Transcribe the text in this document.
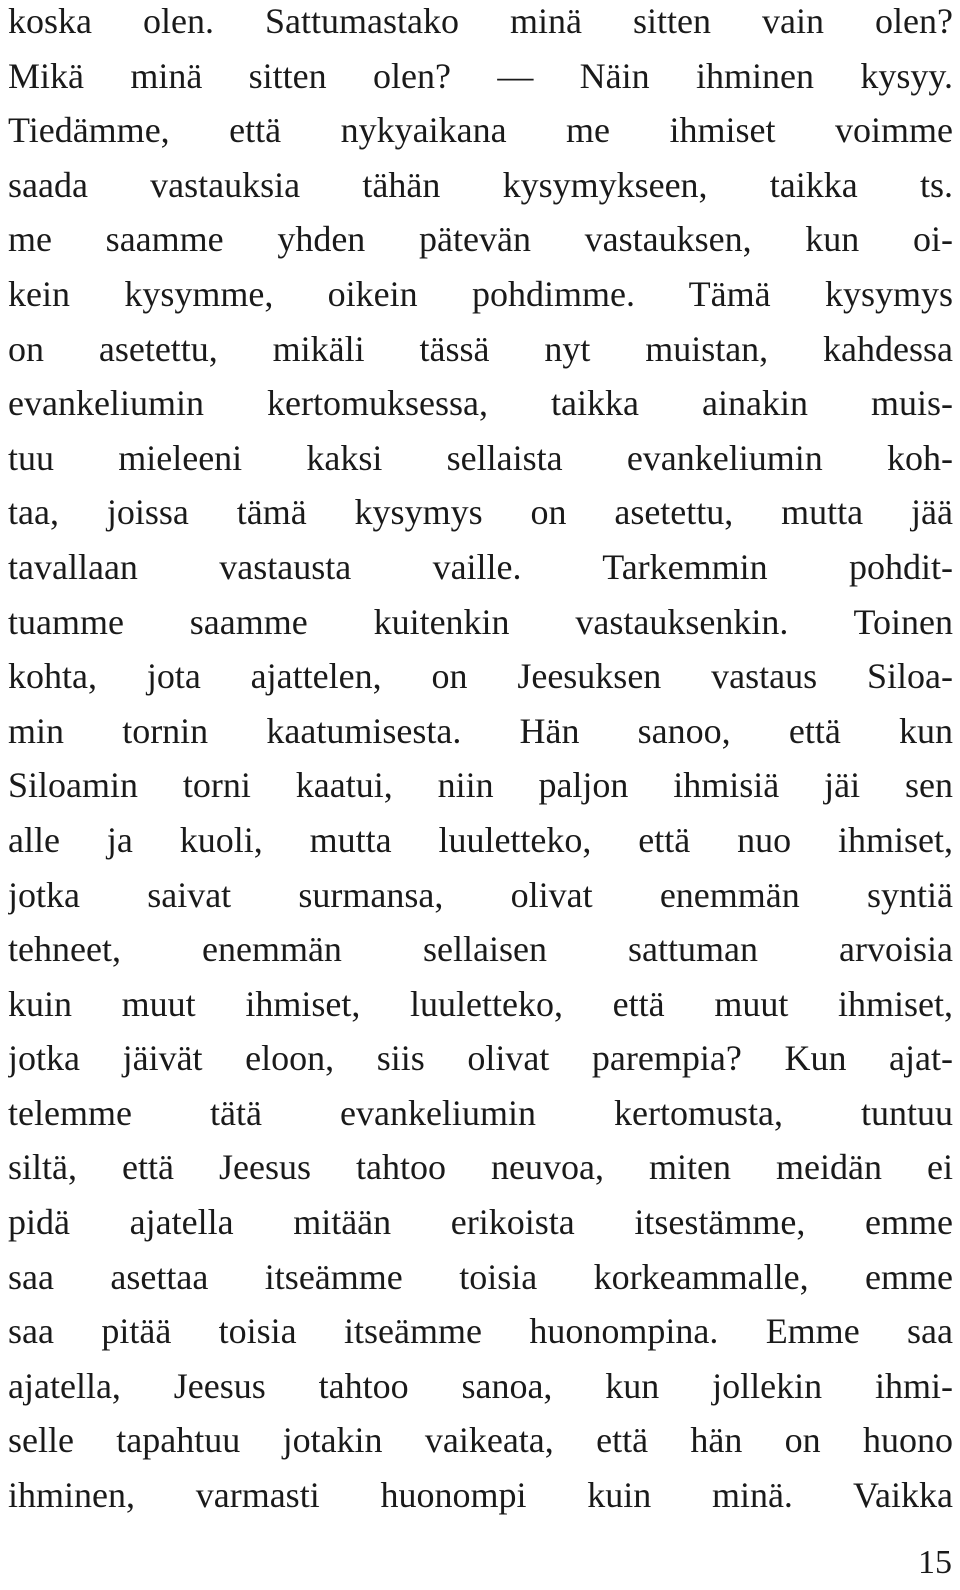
koska olen. Sattumastako minä sitten vain olen?
Mikä minä sitten olen? — Näin ihminen kysyy.
Tiedämme, että nykyaikana me ihmiset voimme
saada vastauksia tähän kysymykseen, taikka ts.
me saamme yhden pätevän vastauksen, kun oi-
kein kysymme, oikein pohdimme. Tämä kysymys
on asetettu, mikäli tässä nyt muistan, kahdessa
evankeliumin kertomuksessa, taikka ainakin muis-
tuu mieleeni kaksi sellaista evankeliumin koh-
taa, joissa tämä kysymys on asetettu, mutta jää
tavallaan vastausta vaille. Tarkemmin pohdit-
tuamme saamme kuitenkin vastauksenkin. Toinen
kohta, jota ajattelen, on Jeesuksen vastaus Siloa-
min tornin kaatumisesta. Hän sanoo, että kun
Siloamin torni kaatui, niin paljon ihmisiä jäi sen
alle ja kuoli, mutta luuletteko, että nuo ihmiset,
jotka saivat surmansa, olivat enemmän syntiä
tehneet, enemmän sellaisen sattuman arvoisia
kuin muut ihmiset, luuletteko, että muut ihmiset,
jotka jäivät eloon, siis olivat parempia? Kun ajat-
telemme tätä evankeliumin kertomusta, tuntuu
siltä, että Jeesus tahtoo neuvoa, miten meidän ei
pidä ajatella mitään erikoista itsestämme, emme
saa asettaa itseämme toisia korkeammalle, emme
saa pitää toisia itseämme huonompina. Emme saa
ajatella, Jeesus tahtoo sanoa, kun jollekin ihmi-
selle tapahtuu jotakin vaikeata, että hän on huono
ihminen, varmasti huonompi kuin minä. Vaikka
15
